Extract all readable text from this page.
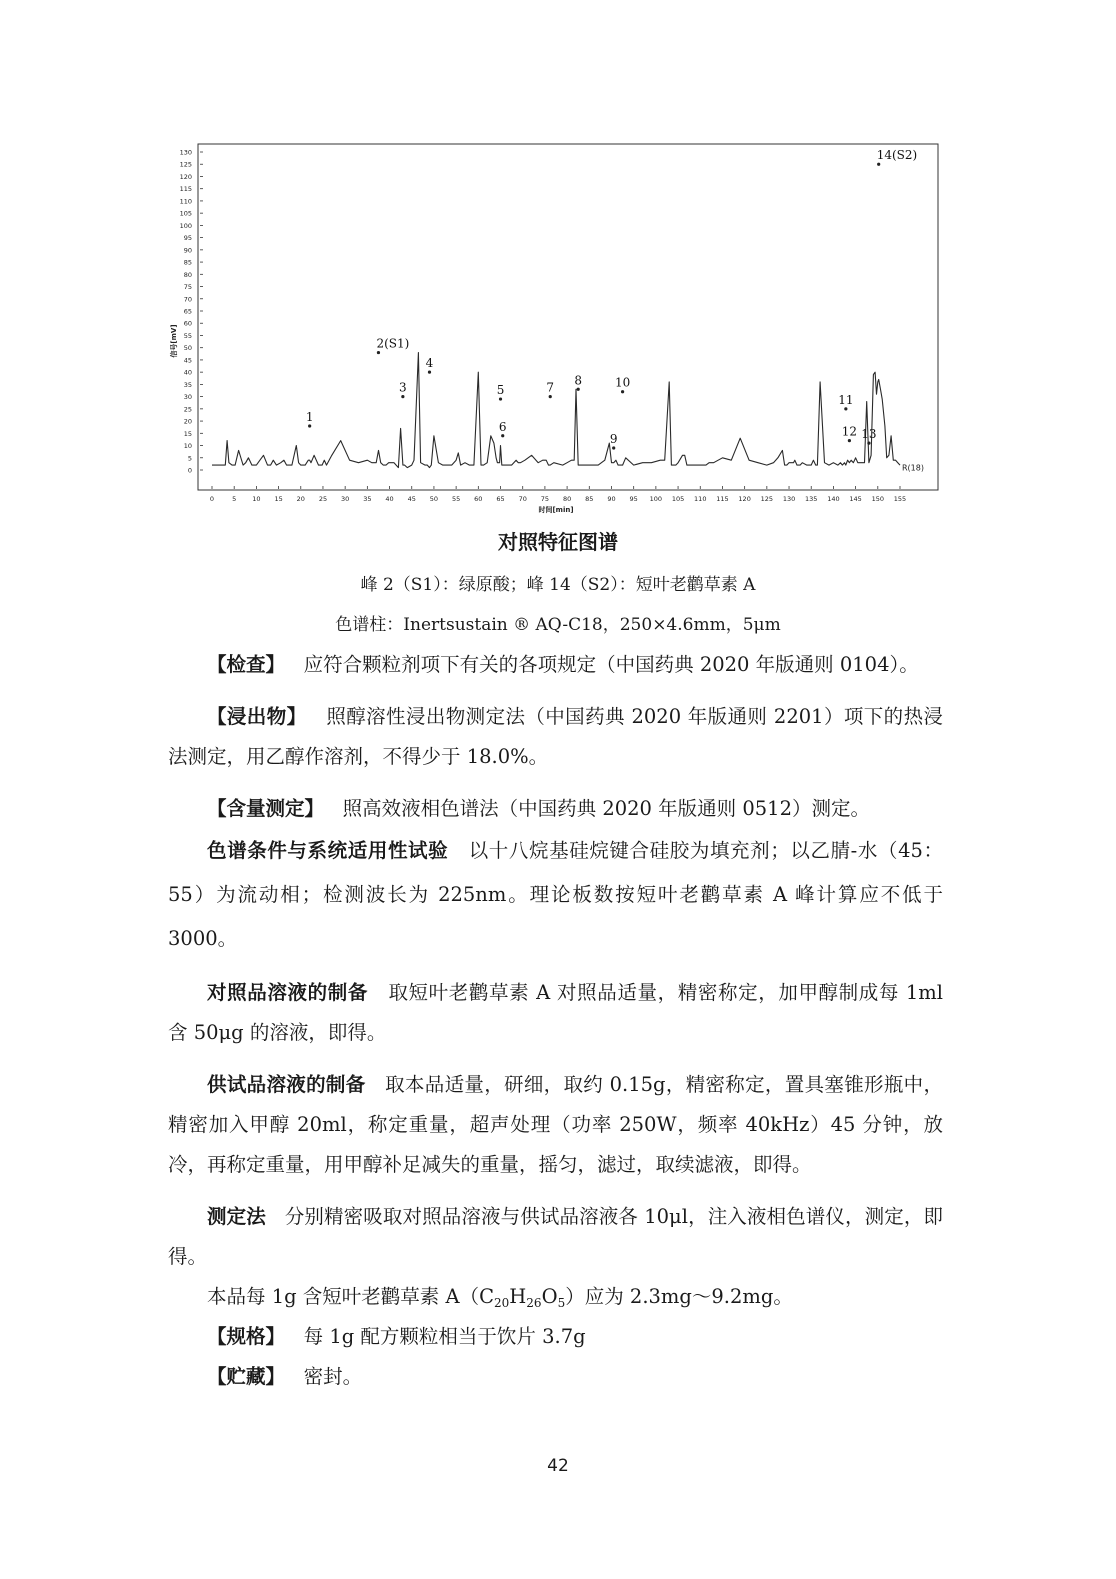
0
5
10
15
20
25
30
35
40
45
50
55
60
65
70
75
80
85
90
95
100
105
110
115
120
125
130
0	5 10 15 20 25 30 35 40 45 50 55 60 65 70 75 80 85 90 95 100 105 110 115 120 125 130 135 140 145 150 155
时间[min]
信号[mV]
R(18)
1
2(S1)
3
4
5
6
7
8
9
10
11
12 13
14(S2)
对照特征图谱
峰 2（S1）：绿原酸；峰 14（S2）：短叶老鹳草素 A
色谱柱：Inertsustain ® AQ-C18，250×4.6mm，5μm

【检查】 应符合颗粒剂项下有关的各项规定（中国药典 2020 年版通则 0104）。

【浸出物】 照醇溶性浸出物测定法（中国药典 2020 年版通则 2201）项下的热浸法测定，用乙醇作溶剂，不得少于 18.0%。

【含量测定】 照高效液相色谱法（中国药典 2020 年版通则 0512）测定。

色谱条件与系统适用性试验 以十八烷基硅烷键合硅胶为填充剂；以乙腈-水（45：55）为流动相；检测波长为 225nm。理论板数按短叶老鹳草素 A 峰计算应不低于 3000。

对照品溶液的制备 取短叶老鹳草素 A 对照品适量，精密称定，加甲醇制成每 1ml 含 50μg 的溶液，即得。

供试品溶液的制备 取本品适量，研细，取约 0.15g，精密称定，置具塞锥形瓶中，精密加入甲醇 20ml，称定重量，超声处理（功率 250W，频率 40kHz）45 分钟，放冷，再称定重量，用甲醇补足减失的重量，摇匀，滤过，取续滤液，即得。

测定法 分别精密吸取对照品溶液与供试品溶液各 10μl，注入液相色谱仪，测定，即得。

本品每 1g 含短叶老鹳草素 $A(C_{20}H_{26}O_5)$应为 2.3mg～9.2mg。

【规格】 每 1g 配方颗粒相当于饮片 3.7g

【贮藏】 密封。

42
